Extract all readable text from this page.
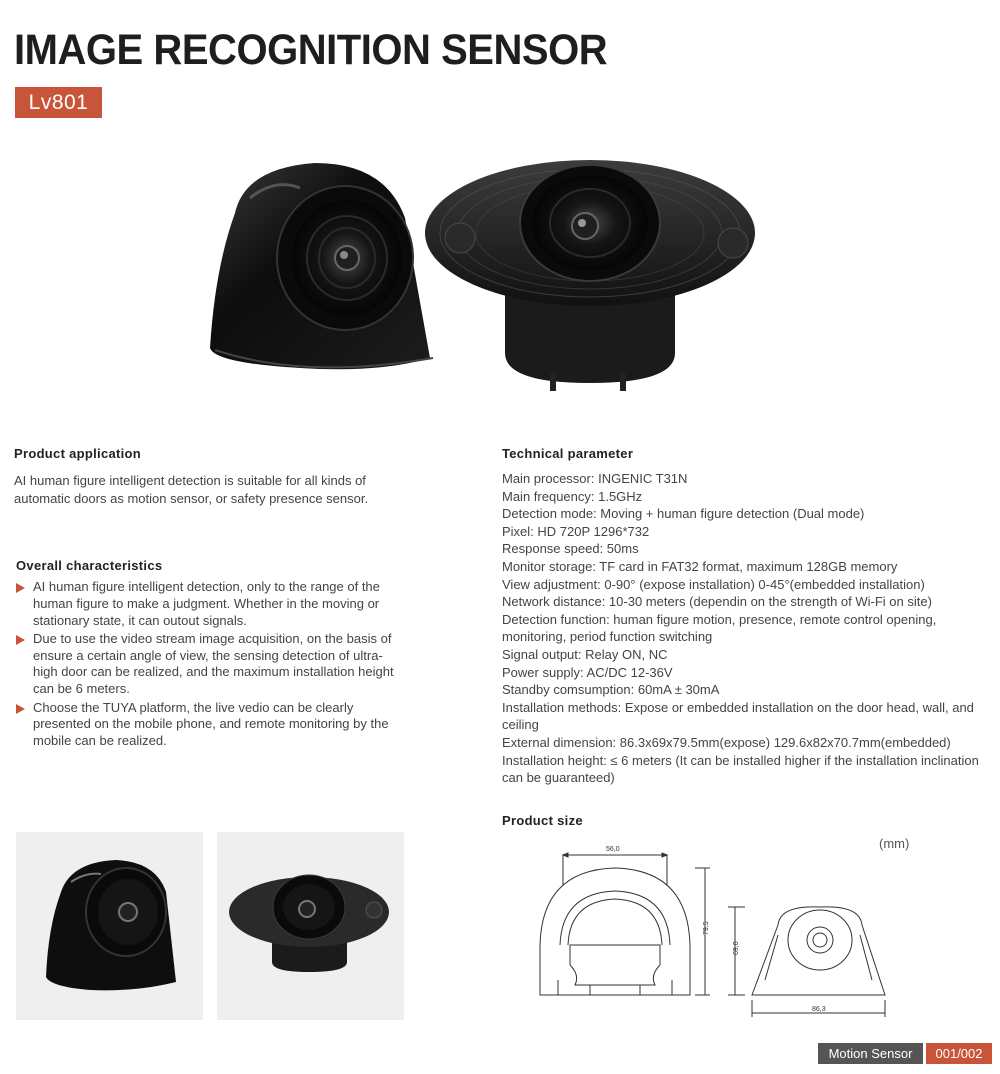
IMAGE RECOGNITION SENSOR
Lv801
Product application
AI human figure intelligent detection is suitable for all kinds of automatic doors as motion sensor, or safety presence sensor.
Overall characteristics
AI human figure intelligent detection, only to the range of the human figure to make a judgment. Whether in the moving or stationary state, it can outout signals.
Due to use the video stream image acquisition, on the basis of ensure a certain angle of view, the sensing detection of ultra-high door can be realized, and the maximum installation height can be 6 meters.
Choose the TUYA platform, the live vedio can be clearly presented on the mobile phone, and remote monitoring by the mobile can be realized.
Technical parameter
Main processor: INGENIC T31N
Main frequency: 1.5GHz
Detection mode: Moving + human figure detection (Dual mode)
Pixel: HD 720P 1296*732
Response speed: 50ms
Monitor storage: TF card in FAT32 format, maximum 128GB memory
View adjustment: 0-90° (expose installation) 0-45°(embedded installation)
Network distance: 10-30 meters (dependin on the strength of Wi-Fi on site)
Detection function: human figure motion, presence, remote control opening, monitoring, period function switching
Signal output: Relay ON, NC
Power supply: AC/DC 12-36V
Standby comsumption: 60mA ± 30mA
Installation methods: Expose or embedded installation on the door head, wall, and ceiling
External dimension: 86.3x69x79.5mm(expose) 129.6x82x70.7mm(embedded)
Installation height: ≤ 6 meters (It can be installed higher if the installation inclination can be guaranteed)
Product size
(mm)
56,0
79,5
69,0
86,3
Motion Sensor	001/002
